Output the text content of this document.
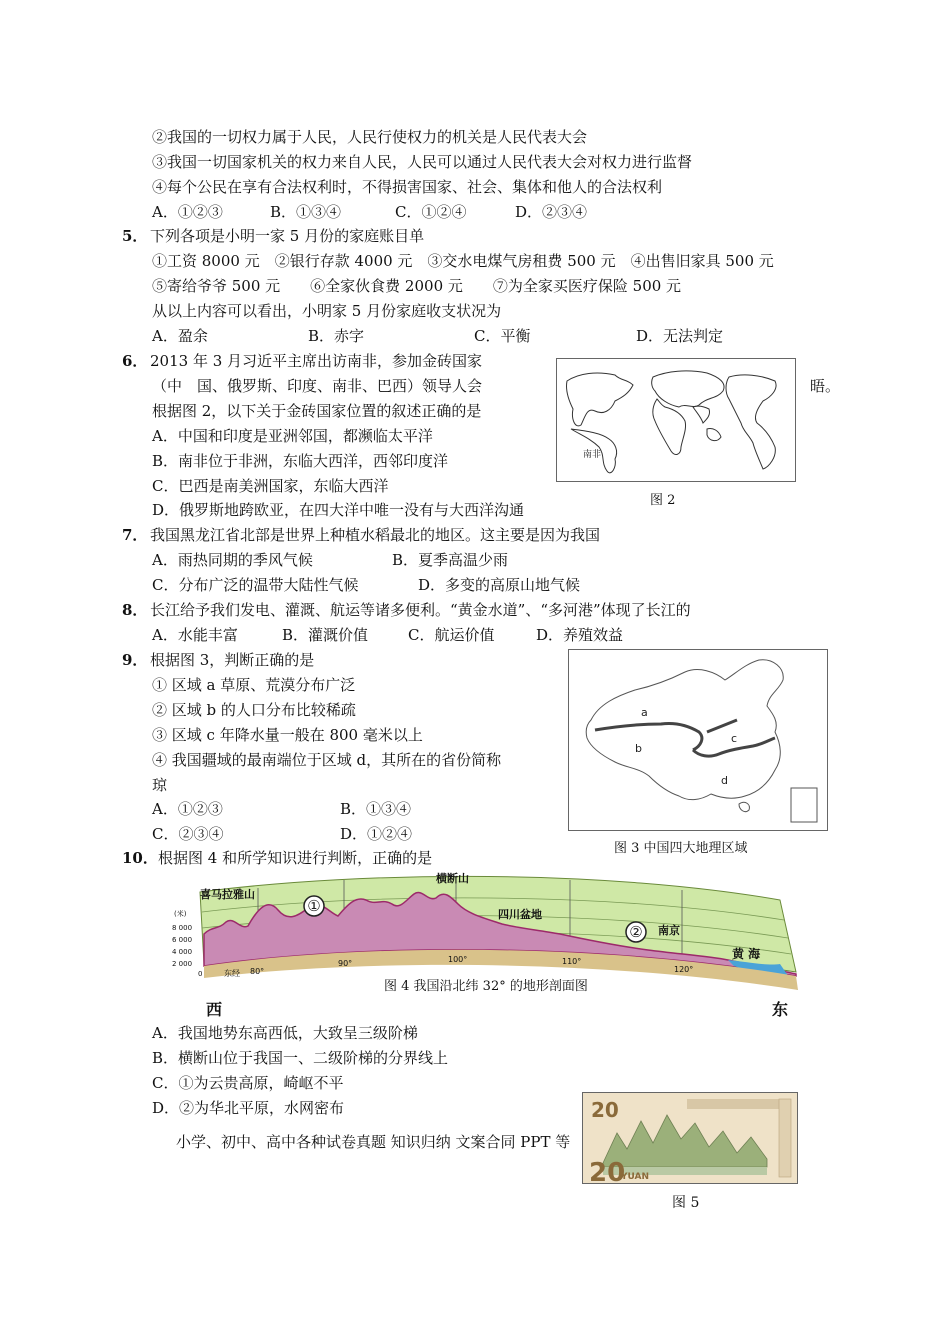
②我国的一切权力属于人民，人民行使权力的机关是人民代表大会
③我国一切国家机关的权力来自人民，人民可以通过人民代表大会对权力进行监督
④每个公民在享有合法权利时，不得损害国家、社会、集体和他人的合法权利
A．①②③	B．①③④	C．①②④	D．②③④
5． 下列各项是小明一家 5 月份的家庭账目单
①工资 8000 元　②银行存款 4000 元　③交水电煤气房租费 500 元　④出售旧家具 500 元
⑤寄给爷爷 500 元　　⑥全家伙食费 2000 元　　⑦为全家买医疗保险 500 元
从以上内容可以看出，小明家 5 月份家庭收支状况为
A．盈余	B．赤字	C．平衡	D．无法判定
6． 2013 年 3 月习近平主席出访南非，参加金砖国家
（中　国、俄罗斯、印度、南非、巴西）领导人会	晤。
根据图 2，以下关于金砖国家位置的叙述正确的是
A．中国和印度是亚洲邻国，都濒临太平洋
B．南非位于非洲，东临大西洋，西邻印度洋
C．巴西是南美洲国家，东临大西洋
D．俄罗斯地跨欧亚，在四大洋中唯一没有与大西洋沟通
南非
图 2
7． 我国黑龙江省北部是世界上种植水稻最北的地区。这主要是因为我国
A．雨热同期的季风气候	B．夏季高温少雨
C．分布广泛的温带大陆性气候	D．多变的高原山地气候
8． 长江给予我们发电、灌溉、航运等诸多便利。“黄金水道”、“多河港”体现了长江的
A．水能丰富	B．灌溉价值	C．航运价值	D．养殖效益
9． 根据图 3，判断正确的是
① 区域 a 草原、荒漠分布广泛
② 区域 b 的人口分布比较稀疏
③ 区域 c 年降水量一般在 800 毫米以上
④ 我国疆域的最南端位于区域 d，其所在的省份简称
琼
A．①②③	B．①③④
C．②③④	D．①②④
a
b
c
d
图 3 中国四大地理区域
10． 根据图 4 和所学知识进行判断，正确的是
①
②
喜马拉雅山
横断山
四川盆地
南京
黄 海
(米)
8 000
6 000
4 000
2 000
0	东经 80°
90°	100°	110°
120°
图 4 我国沿北纬 32° 的地形剖面图
西	东
A．我国地势东高西低，大致呈三级阶梯
B．横断山位于我国一、二级阶梯的分界线上
C．①为云贵高原，崎岖不平
D．②为华北平原，水网密布
小学、初中、高中各种试卷真题 知识归纳 文案合同 PPT 等
20
20
YUAN
图 5
